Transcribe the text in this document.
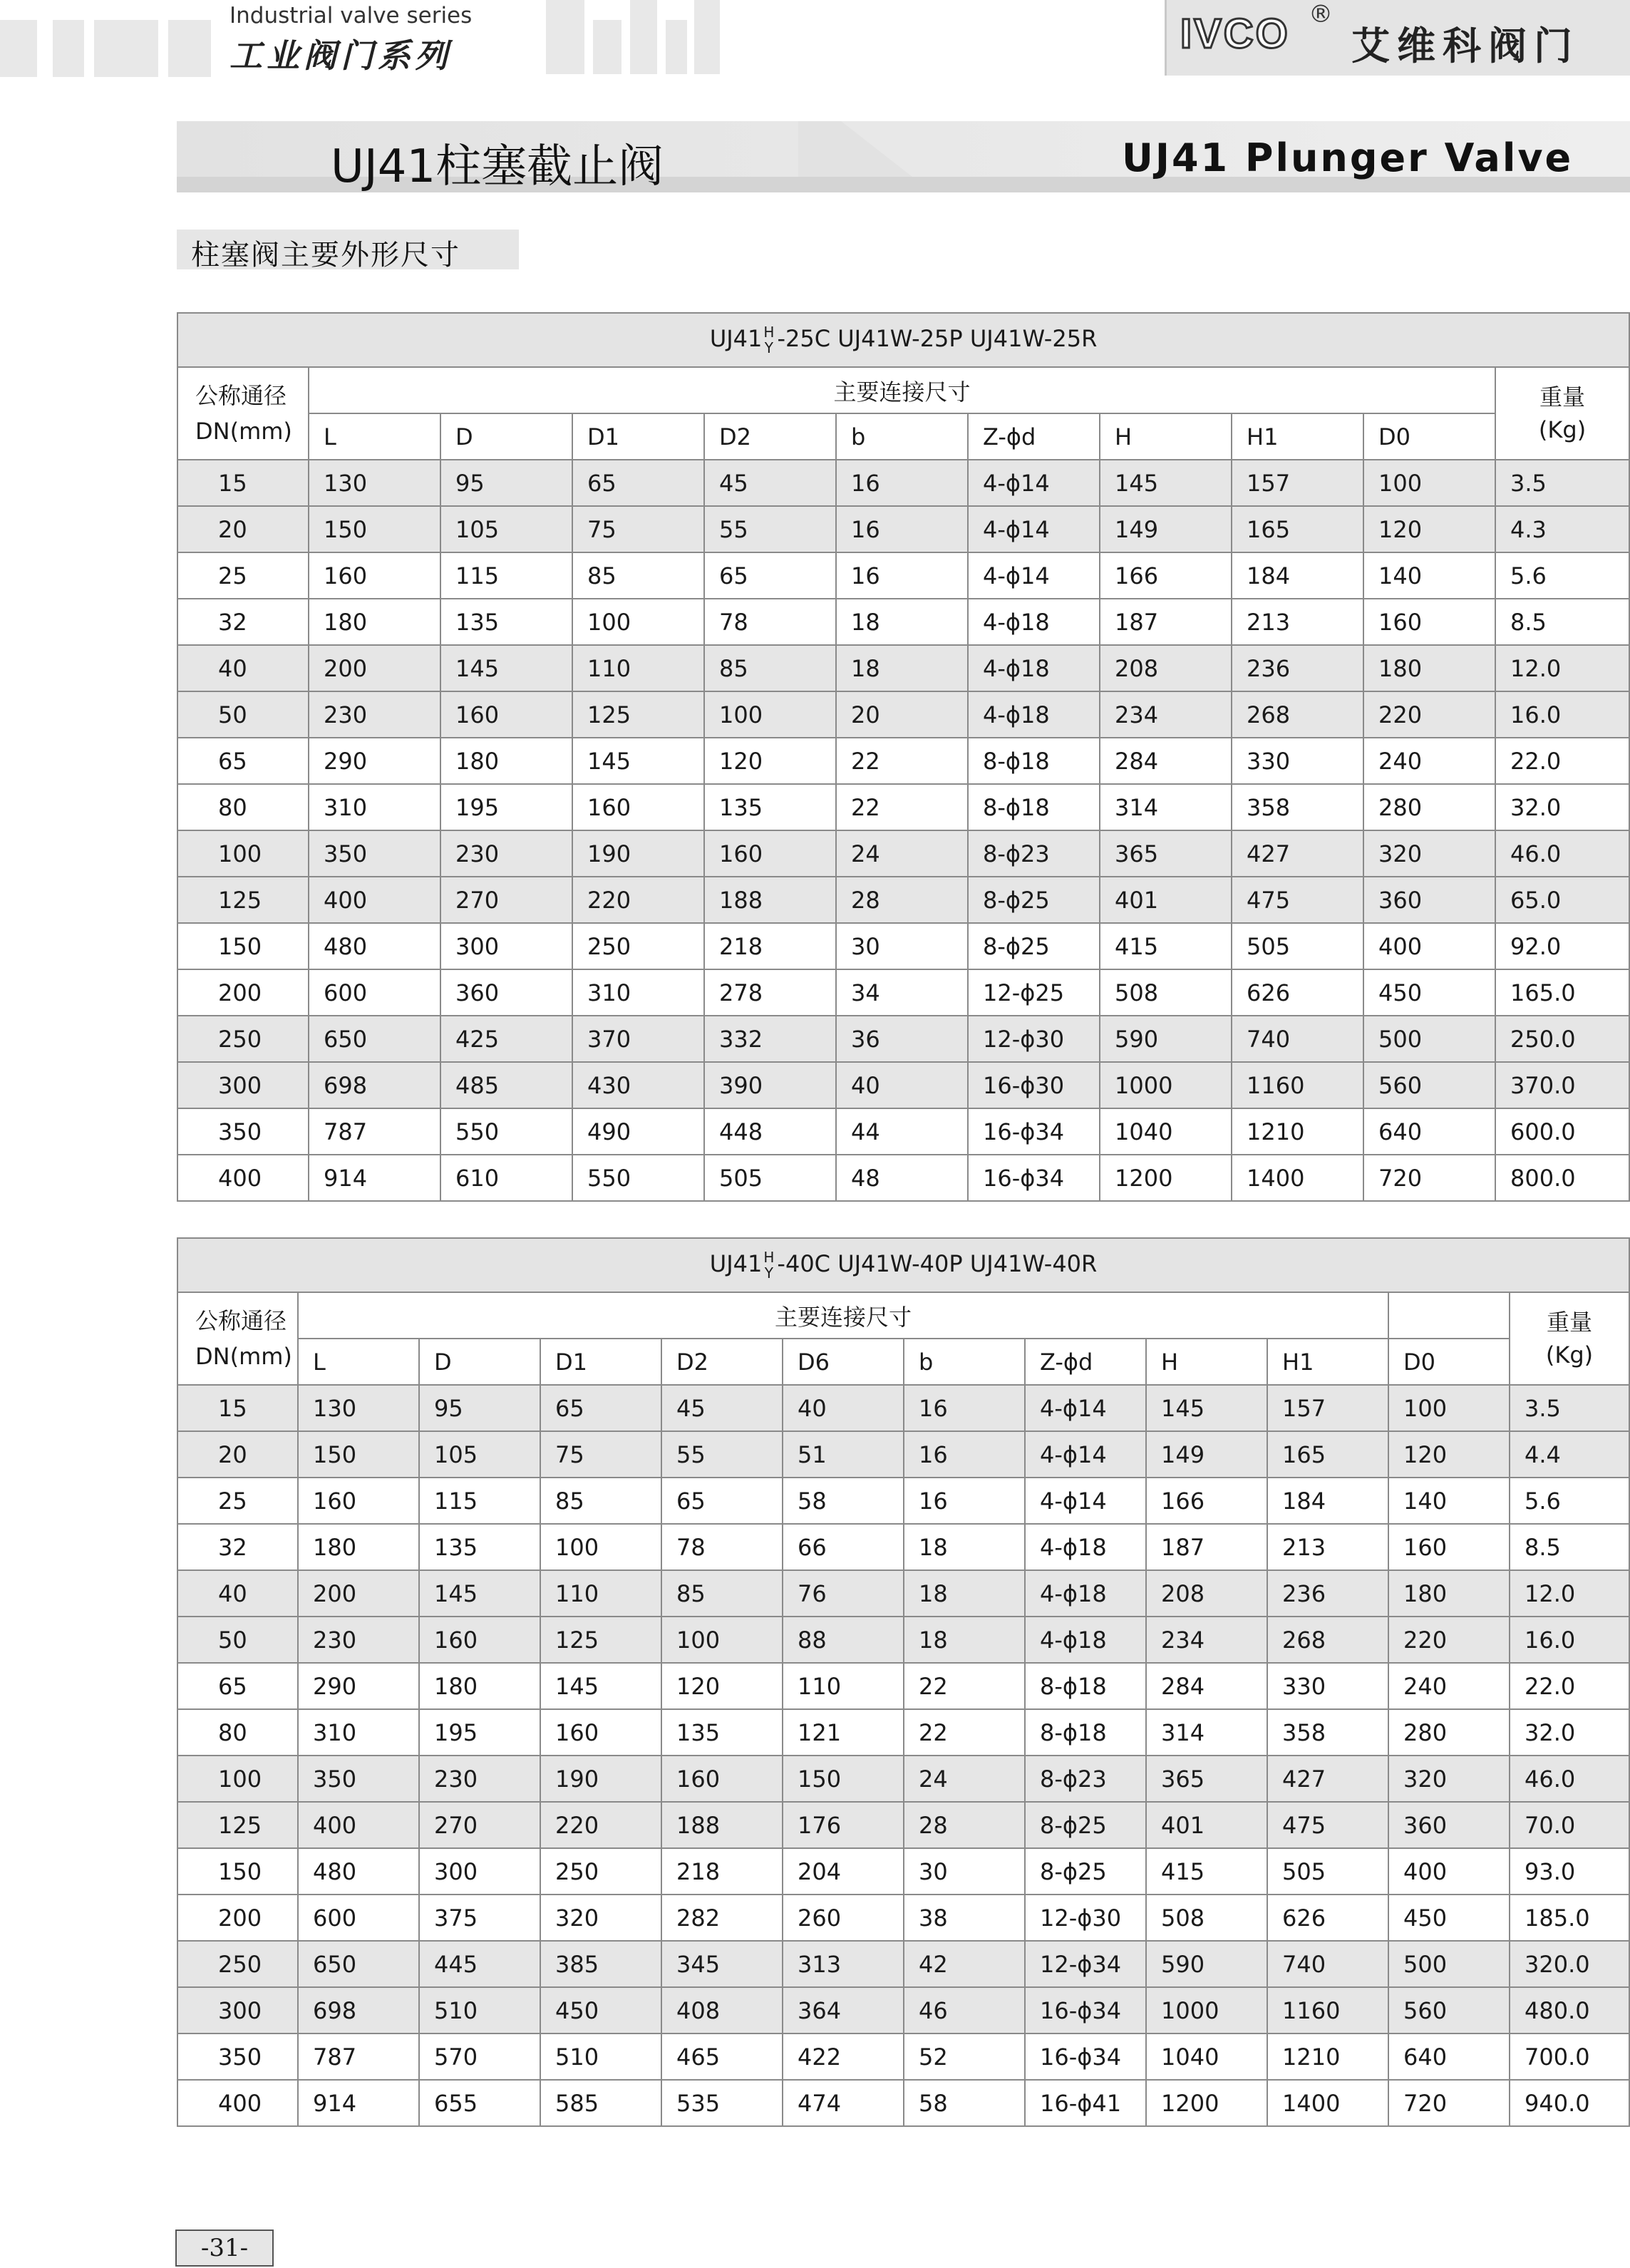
Industrial valve series
工业阀门系列	IVCO ®
艾维科阀门
UJ41柱塞截止阀	UJ41 Plunger Valve
柱塞阀主要外形尺寸
UJ41 H
Y -25C UJ41W-25P UJ41W-25R										

公称通径
DN(mm)	主要连接尺寸									重量
(Kg)

	L	D	D1	D2	b	Z-ϕd	H	H1	D0	
15	130	95	65	45	16	4-ϕ14	145	157	100	3.5
20	150	105	75	55	16	4-ϕ14	149	165	120	4.3
25	160	115	85	65	16	4-ϕ14	166	184	140	5.6
32	180	135	100	78	18	4-ϕ18	187	213	160	8.5
40	200	145	110	85	18	4-ϕ18	208	236	180	12.0
50	230	160	125	100	20	4-ϕ18	234	268	220	16.0
65	290	180	145	120	22	8-ϕ18	284	330	240	22.0
80	310	195	160	135	22	8-ϕ18	314	358	280	32.0
100	350	230	190	160	24	8-ϕ23	365	427	320	46.0
125	400	270	220	188	28	8-ϕ25	401	475	360	65.0
150	480	300	250	218	30	8-ϕ25	415	505	400	92.0
200	600	360	310	278	34	12-ϕ25	508	626	450	165.0
250	650	425	370	332	36	12-ϕ30	590	740	500	250.0
300	698	485	430	390	40	16-ϕ30	1000	1160	560	370.0
350	787	550	490	448	44	16-ϕ34	1040	1210	640	600.0
400	914	610	550	505	48	16-ϕ34	1200	1400	720	800.0
UJ41 H
Y -40C UJ41W-40P UJ41W-40R											

公称通径
DN(mm)	主要连接尺寸										重量
(Kg)

	L	D	D1	D2	D6	b	Z-ϕd	H	H1	D0	
15	130	95	65	45	40	16	4-ϕ14	145	157	100	3.5
20	150	105	75	55	51	16	4-ϕ14	149	165	120	4.4
25	160	115	85	65	58	16	4-ϕ14	166	184	140	5.6
32	180	135	100	78	66	18	4-ϕ18	187	213	160	8.5
40	200	145	110	85	76	18	4-ϕ18	208	236	180	12.0
50	230	160	125	100	88	18	4-ϕ18	234	268	220	16.0
65	290	180	145	120	110	22	8-ϕ18	284	330	240	22.0
80	310	195	160	135	121	22	8-ϕ18	314	358	280	32.0
100	350	230	190	160	150	24	8-ϕ23	365	427	320	46.0
125	400	270	220	188	176	28	8-ϕ25	401	475	360	70.0
150	480	300	250	218	204	30	8-ϕ25	415	505	400	93.0
200	600	375	320	282	260	38	12-ϕ30	508	626	450	185.0
250	650	445	385	345	313	42	12-ϕ34	590	740	500	320.0
300	698	510	450	408	364	46	16-ϕ34	1000	1160	560	480.0
350	787	570	510	465	422	52	16-ϕ34	1040	1210	640	700.0
400	914	655	585	535	474	58	16-ϕ41	1200	1400	720	940.0
-31-
